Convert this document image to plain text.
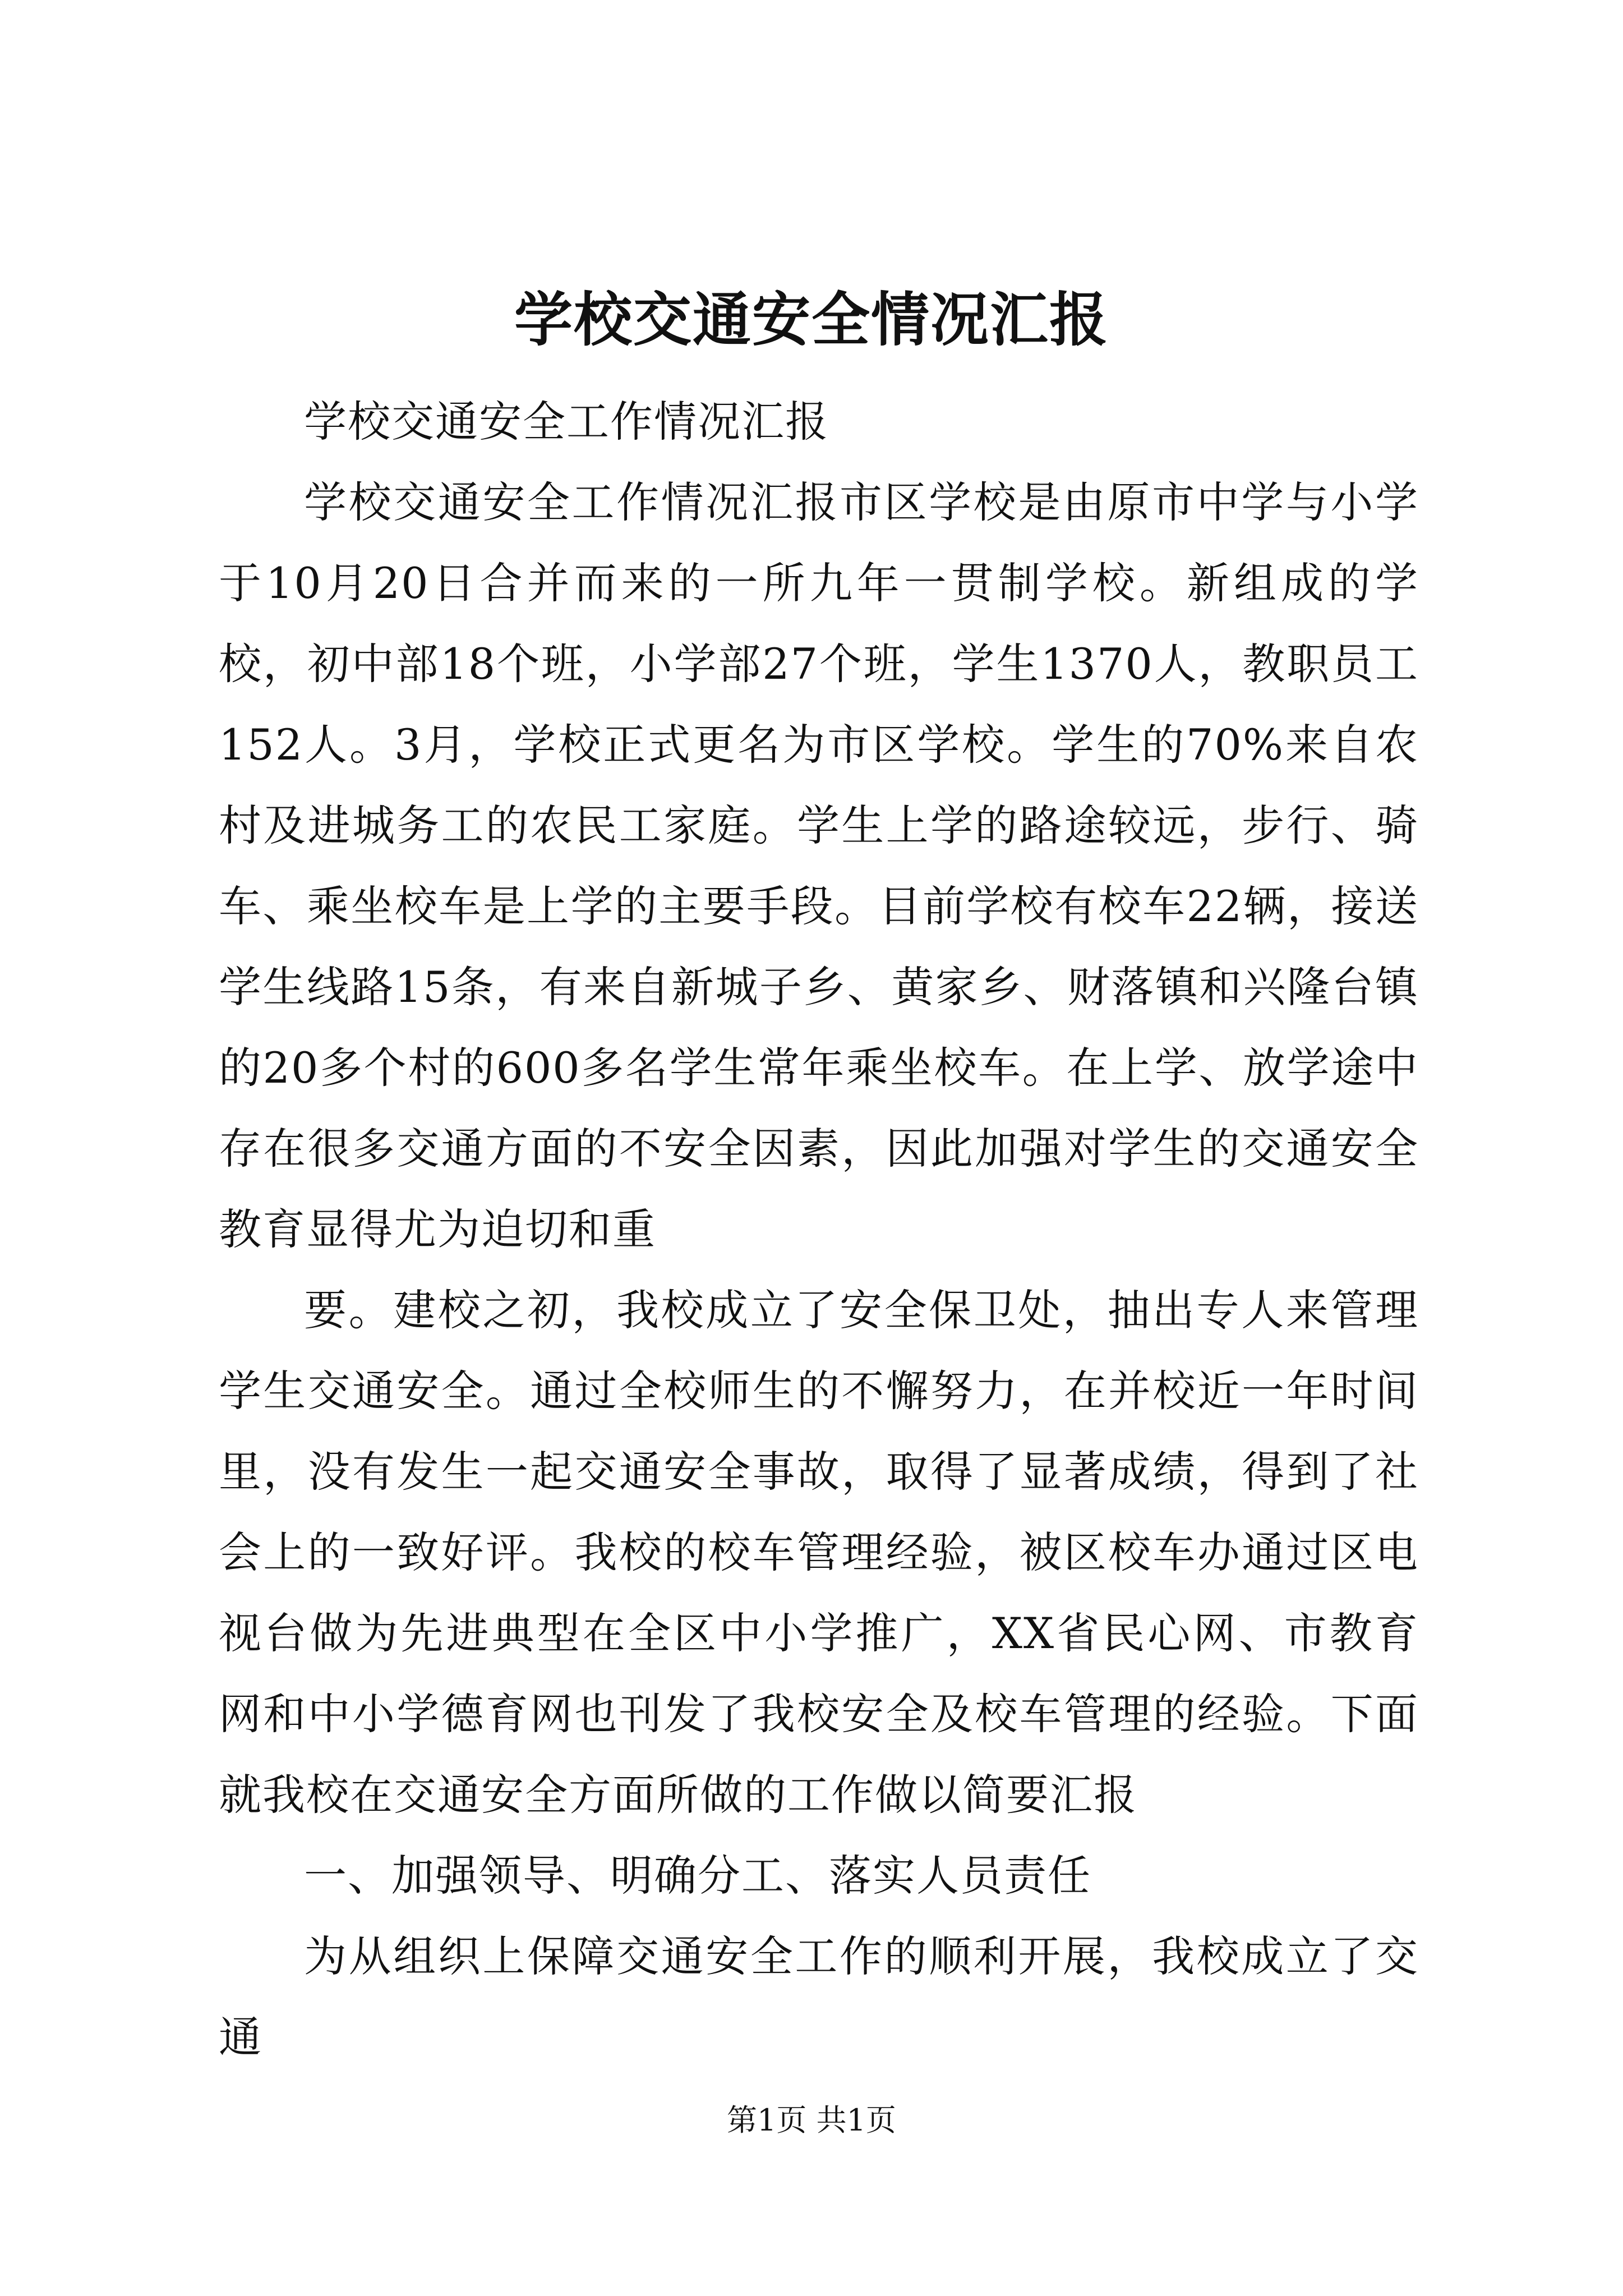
学校交通安全情况汇报

学校交通安全工作情况汇报

学校交通安全工作情况汇报市区学校是由原市中学与小学于10月20日合并而来的一所九年一贯制学校。新组成的学校，初中部18个班，小学部27个班，学生1370人，教职员工152人。3月，学校正式更名为市区学校。学生的70%来自农村及进城务工的农民工家庭。学生上学的路途较远，步行、骑车、乘坐校车是上学的主要手段。目前学校有校车22辆，接送学生线路15条，有来自新城子乡、黄家乡、财落镇和兴隆台镇的20多个村的600多名学生常年乘坐校车。在上学、放学途中存在很多交通方面的不安全因素，因此加强对学生的交通安全教育显得尤为迫切和重

要。建校之初，我校成立了安全保卫处，抽出专人来管理学生交通安全。通过全校师生的不懈努力，在并校近一年时间里，没有发生一起交通安全事故，取得了显著成绩，得到了社会上的一致好评。我校的校车管理经验，被区校车办通过区电视台做为先进典型在全区中小学推广，XX省民心网、市教育网和中小学德育网也刊发了我校安全及校车管理的经验。下面就我校在交通安全方面所做的工作做以简要汇报

一、加强领导、明确分工、落实人员责任

为从组织上保障交通安全工作的顺利开展，我校成立了交通

第1页 共1页
